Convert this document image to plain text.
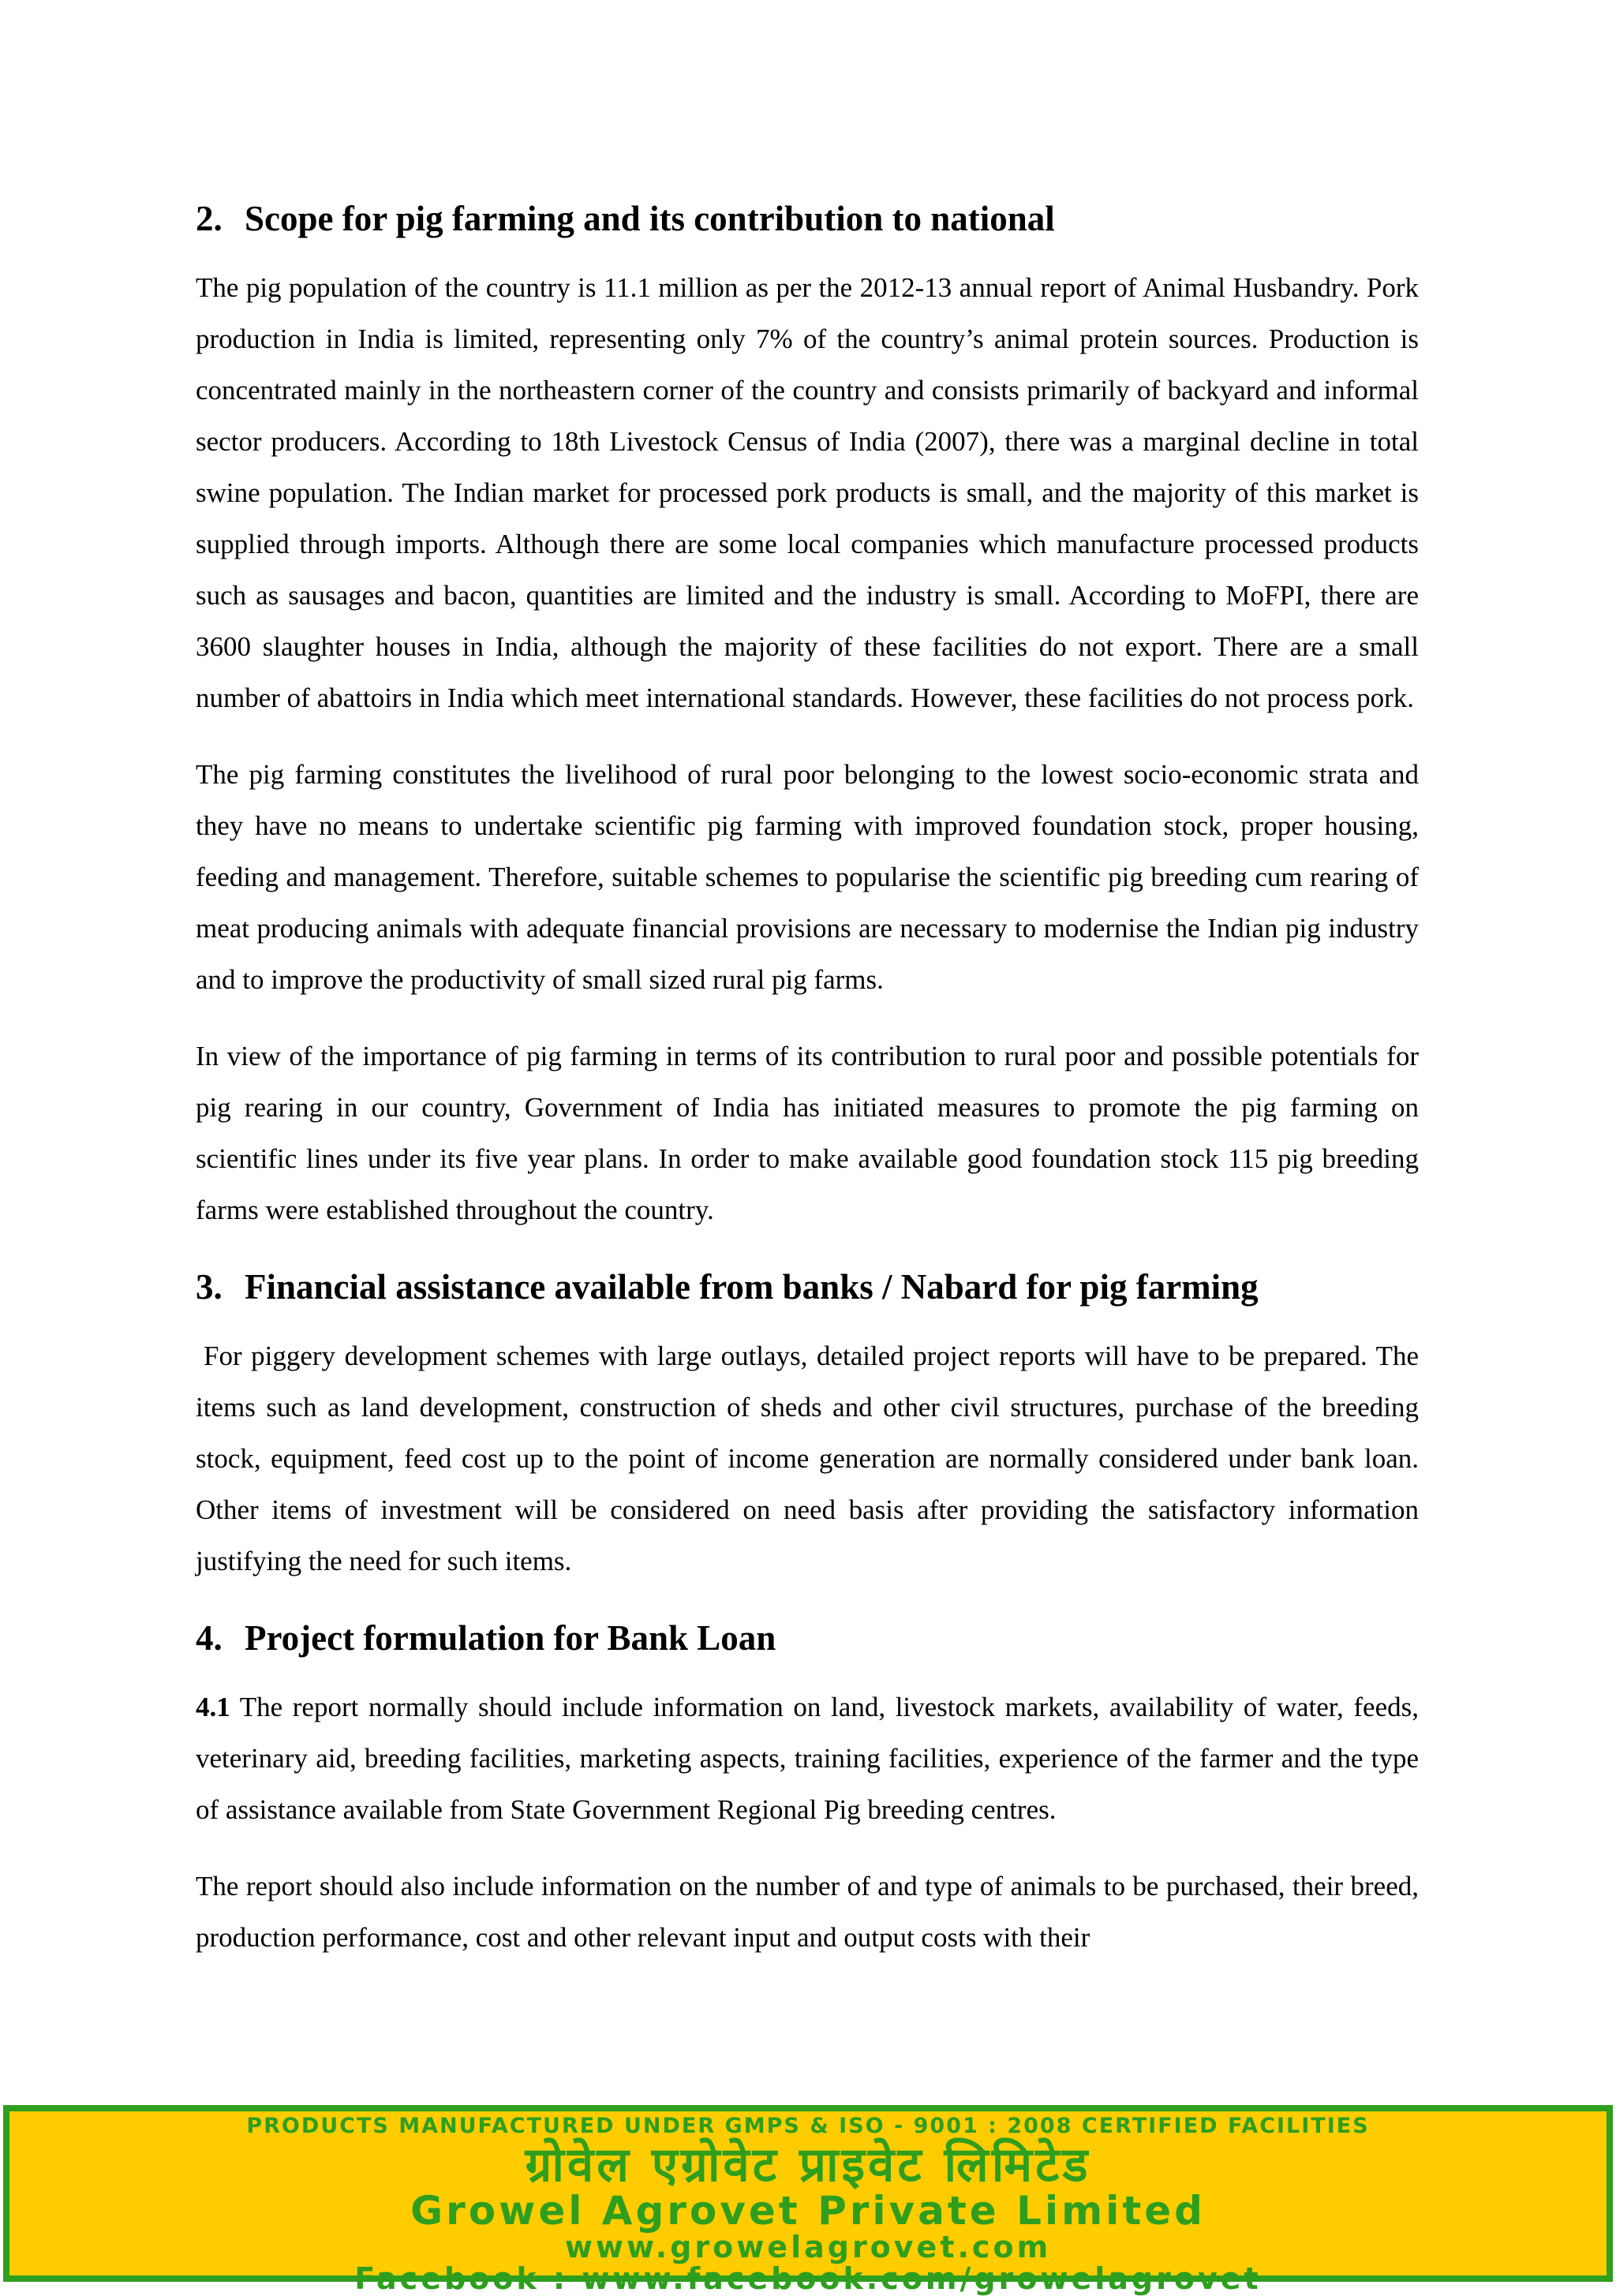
2. Scope for pig farming and its contribution to national

The pig population of the country is 11.1 million as per the 2012-13 annual report of Animal Husbandry. Pork production in India is limited, representing only 7% of the country’s animal protein sources. Production is concentrated mainly in the northeastern corner of the country and consists primarily of backyard and informal sector producers. According to 18th Livestock Census of India (2007), there was a marginal decline in total swine population. The Indian market for processed pork products is small, and the majority of this market is supplied through imports. Although there are some local companies which manufacture processed products such as sausages and bacon, quantities are limited and the industry is small. According to MoFPI, there are 3600 slaughter houses in India, although the majority of these facilities do not export. There are a small number of abattoirs in India which meet international standards. However, these facilities do not process pork.

The pig farming constitutes the livelihood of rural poor belonging to the lowest socio-economic strata and they have no means to undertake scientific pig farming with improved foundation stock, proper housing, feeding and management. Therefore, suitable schemes to popularise the scientific pig breeding cum rearing of meat producing animals with adequate financial provisions are necessary to modernise the Indian pig industry and to improve the productivity of small sized rural pig farms.

In view of the importance of pig farming in terms of its contribution to rural poor and possible potentials for pig rearing in our country, Government of India has initiated measures to promote the pig farming on scientific lines under its five year plans. In order to make available good foundation stock 115 pig breeding farms were established throughout the country.

3. Financial assistance available from banks / Nabard for pig farming

For piggery development schemes with large outlays, detailed project reports will have to be prepared. The items such as land development, construction of sheds and other civil structures, purchase of the breeding stock, equipment, feed cost up to the point of income generation are normally considered under bank loan. Other items of investment will be considered on need basis after providing the satisfactory information justifying the need for such items.

4. Project formulation for Bank Loan

4.1 The report normally should include information on land, livestock markets, availability of water, feeds, veterinary aid, breeding facilities, marketing aspects, training facilities, experience of the farmer and the type of assistance available from State Government Regional Pig breeding centres.

The report should also include information on the number of and type of animals to be purchased, their breed, production performance, cost and other relevant input and output costs with their

PRODUCTS MANUFACTURED UNDER GMPS & ISO - 9001 : 2008 CERTIFIED FACILITIES
ग्रोवेल एग्रोवेट प्राइवेट लिमिटेड
Growel Agrovet Private Limited
www.growelagrovet.com
Facebook : www.facebook.com/growelagrovet
